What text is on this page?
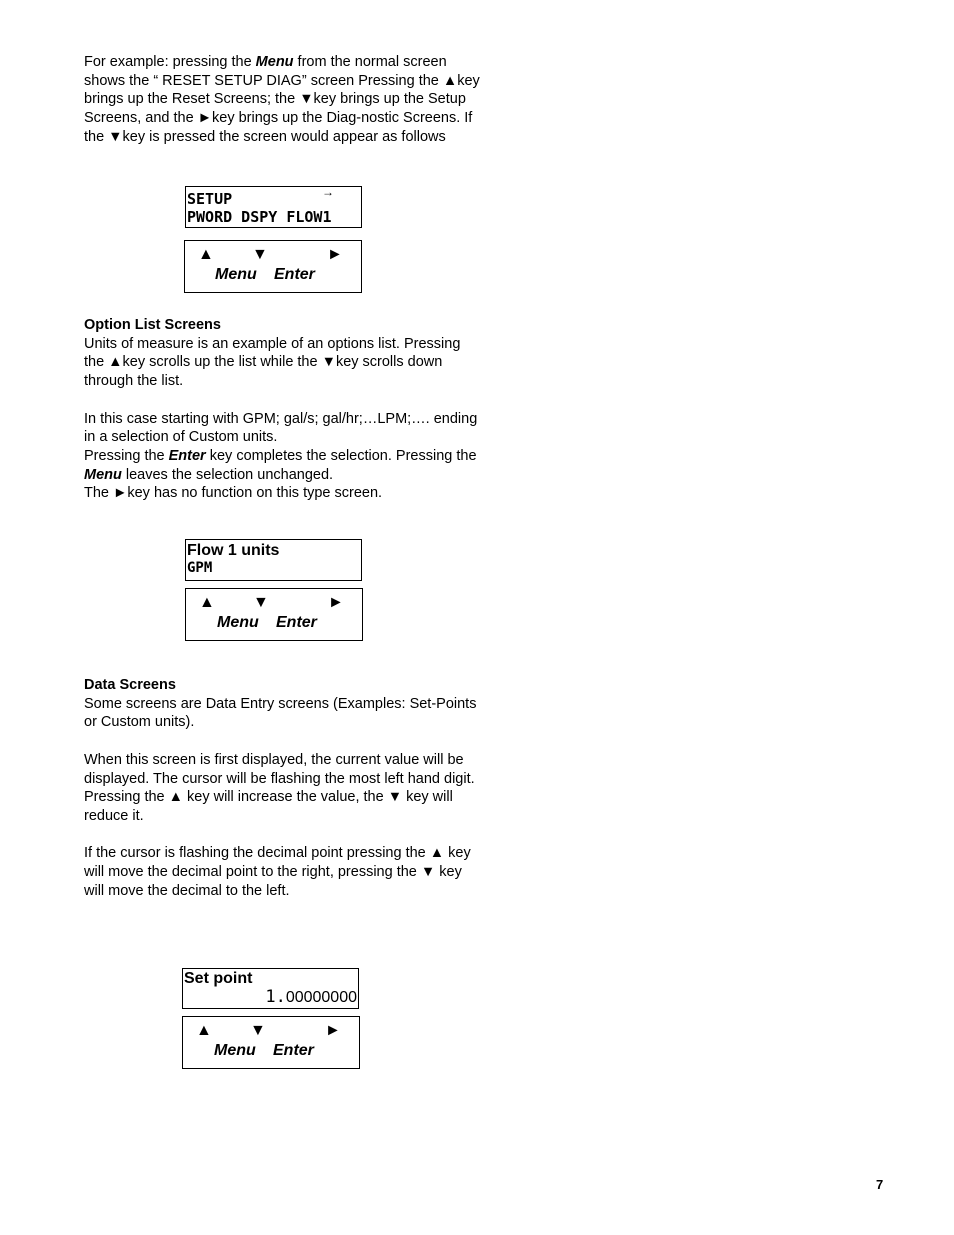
For example: pressing the Menu from the normal screen shows the “ RESET SETUP DIAG” screen Pressing the ▲key brings up the Reset Screens; the ▼key brings up the Setup Screens, and the ►key brings up the Diag-nostic Screens. If the ▼key is pressed the screen would appear as follows

SETUP	→
PWORD DSPY FLOW1
▲ ▼	►
Menu Enter
Option List Screens
Units of measure is an example of an options list. Pressing the ▲key scrolls up the list while the ▼key scrolls down through the list.
In this case starting with GPM; gal/s; gal/hr;…LPM;…. ending in a selection of Custom units.
Pressing the Enter key completes the selection. Pressing the Menu leaves the selection unchanged.
The ►key has no function on this type screen.
Flow 1 units
GPM
▲ ▼	►
Menu Enter
Data Screens
Some screens are Data Entry screens (Examples: Set-Points or Custom units).
When this screen is first displayed, the current value will be displayed. The cursor will be flashing the most left hand digit. Pressing the ▲ key will increase the value, the ▼ key will reduce it.
If the cursor is flashing the decimal point pressing the ▲ key will move the decimal point to the right, pressing the ▼ key will move the decimal to the left.
Set point
1.00000000
▲ ▼	►
Menu Enter
7
